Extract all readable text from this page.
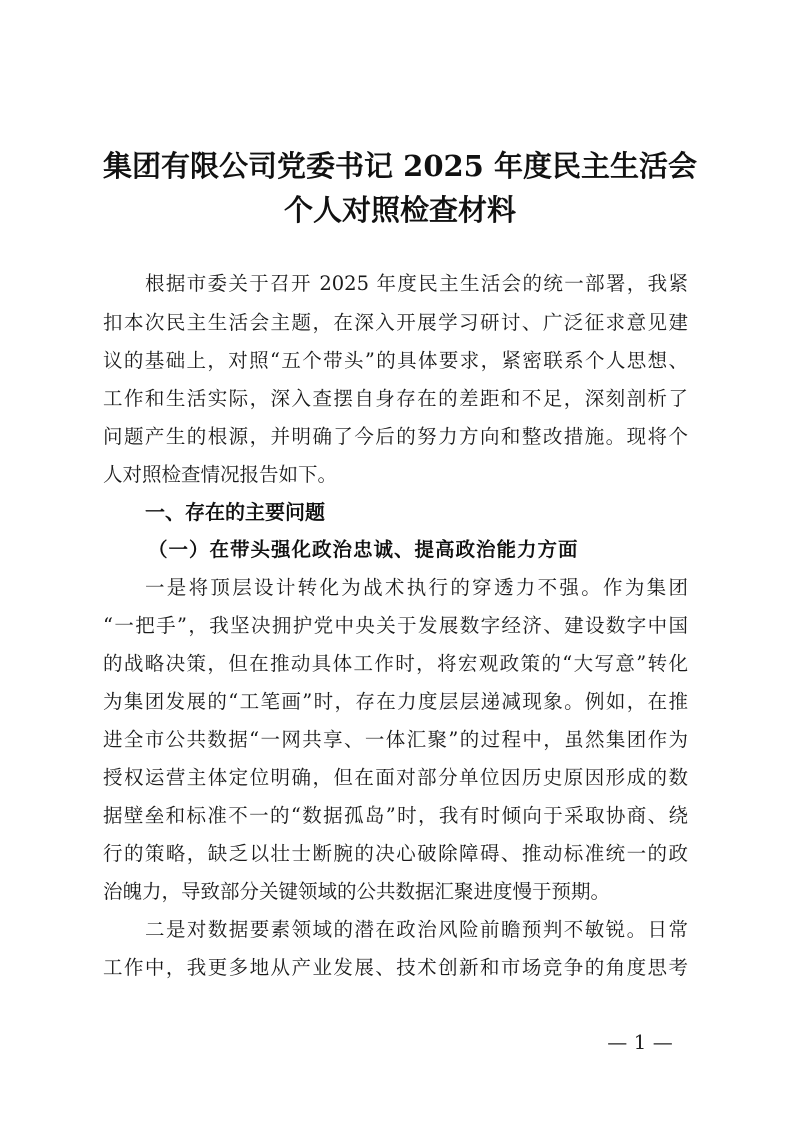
集团有限公司党委书记 2025 年度民主生活会
个人对照检查材料
根据市委关于召开 2025 年度民主生活会的统一部署，我紧
扣本次民主生活会主题，在深入开展学习研讨、广泛征求意见建
议的基础上，对照“五个带头”的具体要求，紧密联系个人思想、
工作和生活实际，深入查摆自身存在的差距和不足，深刻剖析了
问题产生的根源，并明确了今后的努力方向和整改措施。现将个
人对照检查情况报告如下。
一、存在的主要问题
（一）在带头强化政治忠诚、提高政治能力方面
一是将顶层设计转化为战术执行的穿透力不强。作为集团
“一把手”，我坚决拥护党中央关于发展数字经济、建设数字中国
的战略决策，但在推动具体工作时，将宏观政策的“大写意”转化
为集团发展的“工笔画”时，存在力度层层递减现象。例如，在推
进全市公共数据“一网共享、一体汇聚”的过程中，虽然集团作为
授权运营主体定位明确，但在面对部分单位因历史原因形成的数
据壁垒和标准不一的“数据孤岛”时，我有时倾向于采取协商、绕
行的策略，缺乏以壮士断腕的决心破除障碍、推动标准统一的政
治魄力，导致部分关键领域的公共数据汇聚进度慢于预期。
二是对数据要素领域的潜在政治风险前瞻预判不敏锐。日常
工作中，我更多地从产业发展、技术创新和市场竞争的角度思考
— 1 —
